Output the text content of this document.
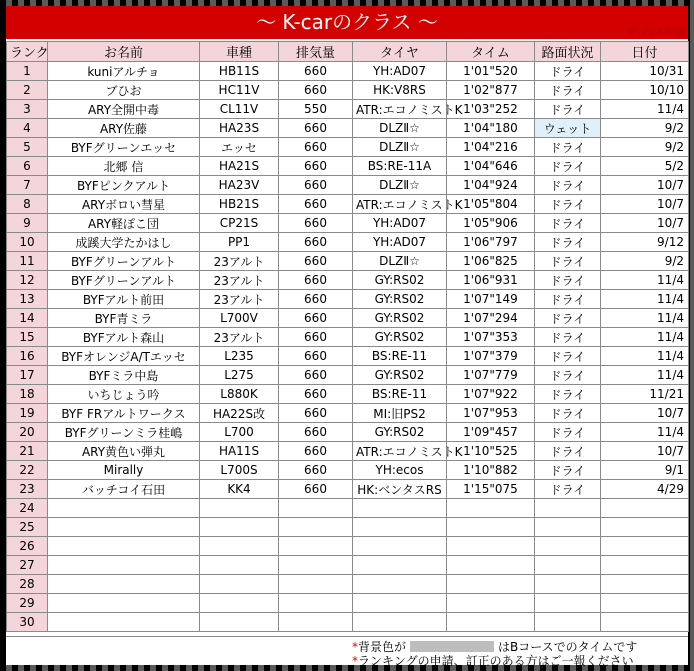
〜 K-carのクラス 〜	平成26年版
ランク	お名前	車種	排気量	タイヤ	タイム	路面状況	日付
1	kuniアルチョ	HB11S	660	YH:AD07	1'01"520	ドライ	10/31
2	ブひお	HC11V	660	HK:V8RS	1'02"877	ドライ	10/10
3	ARY全開中毒	CL11V	550	ATR:エコノミストK	1'03"252	ドライ	11/4
4	ARY佐藤	HA23S	660	DLZⅡ☆	1'04"180	ウェット	9/2
5	BYFグリーンエッセ	エッセ	660	DLZⅡ☆	1'04"216	ドライ	9/2
6	北郷 信	HA21S	660	BS:RE-11A	1'04"646	ドライ	5/2
7	BYFピンクアルト	HA23V	660	DLZⅡ☆	1'04"924	ドライ	10/7
8	ARYボロい彗星	HB21S	660	ATR:エコノミストK	1'05"804	ドライ	10/7
9	ARY軽ぽこ団	CP21S	660	YH:AD07	1'05"906	ドライ	10/7
10	成蹊大学たかはし	PP1	660	YH:AD07	1'06"797	ドライ	9/12
11	BYFグリーンアルト	23アルト	660	DLZⅡ☆	1'06"825	ドライ	9/2
12	BYFグリーンアルト	23アルト	660	GY:RS02	1'06"931	ドライ	11/4
13	BYFアルト前田	23アルト	660	GY:RS02	1'07"149	ドライ	11/4
14	BYF青ミラ	L700V	660	GY:RS02	1'07"294	ドライ	11/4
15	BYFアルト森山	23アルト	660	GY:RS02	1'07"353	ドライ	11/4
16	BYFオレンジA/Tエッセ	L235	660	BS:RE-11	1'07"379	ドライ	11/4
17	BYFミラ中島	L275	660	GY:RS02	1'07"779	ドライ	11/4
18	いちじょう吟	L880K	660	BS:RE-11	1'07"922	ドライ	11/21
19	BYF FRアルトワークス	HA22S改	660	MI:旧PS2	1'07"953	ドライ	10/7
20	BYFグリーンミラ桂嶋	L700	660	GY:RS02	1'09"457	ドライ	11/4
21	ARY黄色い弾丸	HA11S	660	ATR:エコノミストK	1'10"525	ドライ	10/7
22	Mirally	L700S	660	YH:ecos	1'10"882	ドライ	9/1
23	バッチコイ石田	KK4	660	HK:ベンタスRS	1'15"075	ドライ	4/29
24							
25							
26							
27							
28							
29							
30							
*背景色が	はBコースでのタイムです
*ランキングの申請、訂正のある方はご一報ください
